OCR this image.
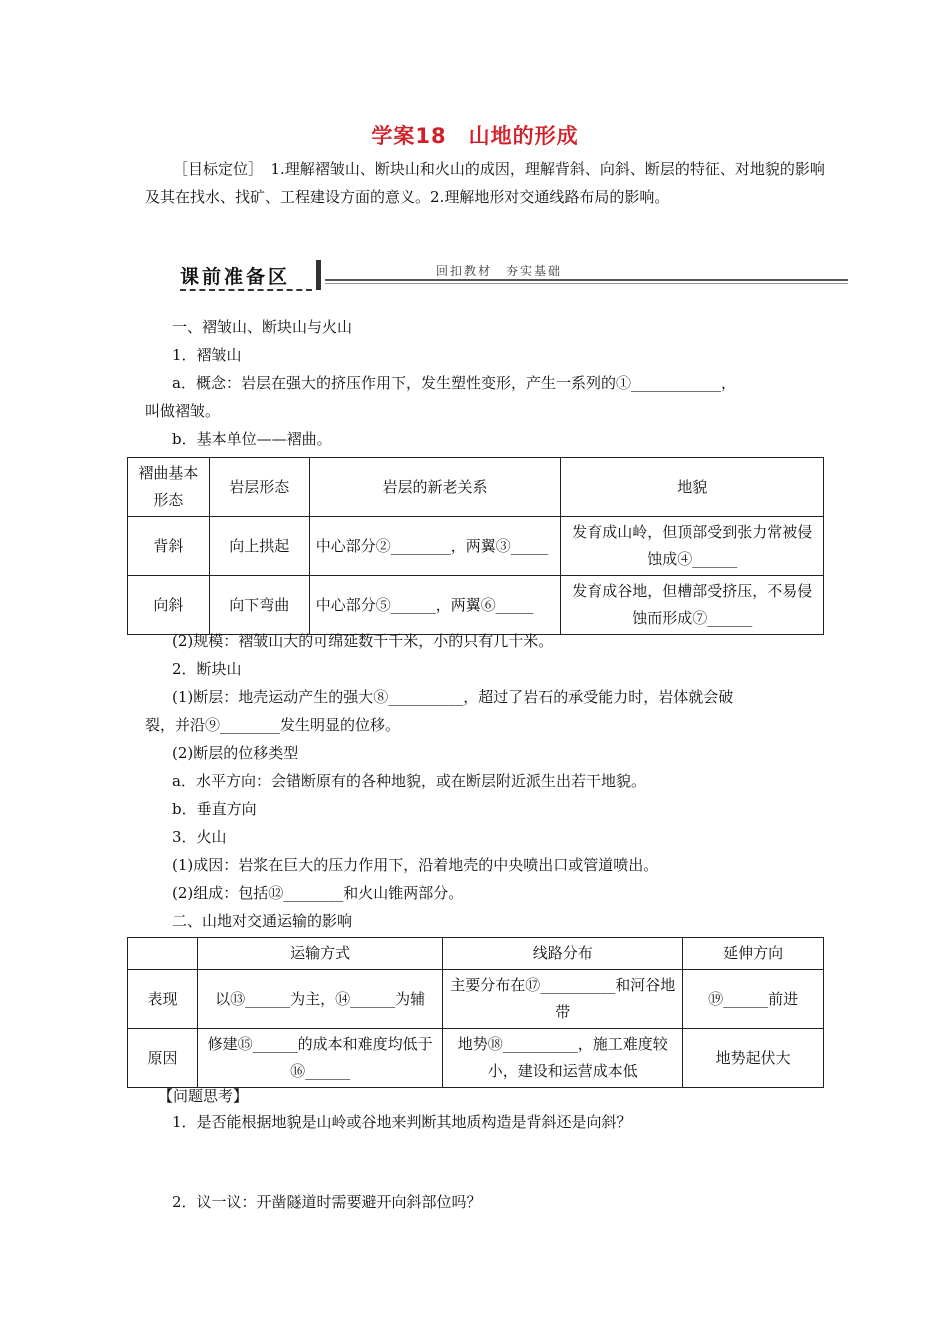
学案18　山地的形成
［目标定位］　1.理解褶皱山、断块山和火山的成因，理解背斜、向斜、断层的特征、对地貌的影响及其在找水、找矿、工程建设方面的意义。2.理解地形对交通线路布局的影响。
课前准备区	回扣教材　夯实基础
一、褶皱山、断块山与火山
1．褶皱山
a．概念：岩层在强大的挤压作用下，发生塑性变形，产生一系列的①____________，
叫做褶皱。
b．基本单位——褶曲。
褶曲基本形态	岩层形态	岩层的新老关系	地貌
背斜	向上拱起	中心部分②________，两翼③_____	发育成山岭，但顶部受到张力常被侵蚀成④______
向斜	向下弯曲	中心部分⑤______，两翼⑥_____	发育成谷地，但槽部受挤压，不易侵蚀而形成⑦______
(2)规模：褶皱山大的可绵延数千千米，小的只有几十米。
2．断块山
(1)断层：地壳运动产生的强大⑧__________，超过了岩石的承受能力时，岩体就会破
裂，并沿⑨________发生明显的位移。
(2)断层的位移类型
a．水平方向：会错断原有的各种地貌，或在断层附近派生出若干地貌。
b．垂直方向
3．火山
(1)成因：岩浆在巨大的压力作用下，沿着地壳的中央喷出口或管道喷出。
(2)组成：包括⑫________和火山锥两部分。
二、山地对交通运输的影响
	运输方式	线路分布	延伸方向
表现	以⑬______为主，⑭______为辅	主要分布在⑰__________和河谷地带	⑲______前进
原因	修建⑮______的成本和难度均低于⑯______	地势⑱__________，施工难度较小，建设和运营成本低	地势起伏大
【问题思考】
1．是否能根据地貌是山岭或谷地来判断其地质构造是背斜还是向斜？
2．议一议：开凿隧道时需要避开向斜部位吗？
